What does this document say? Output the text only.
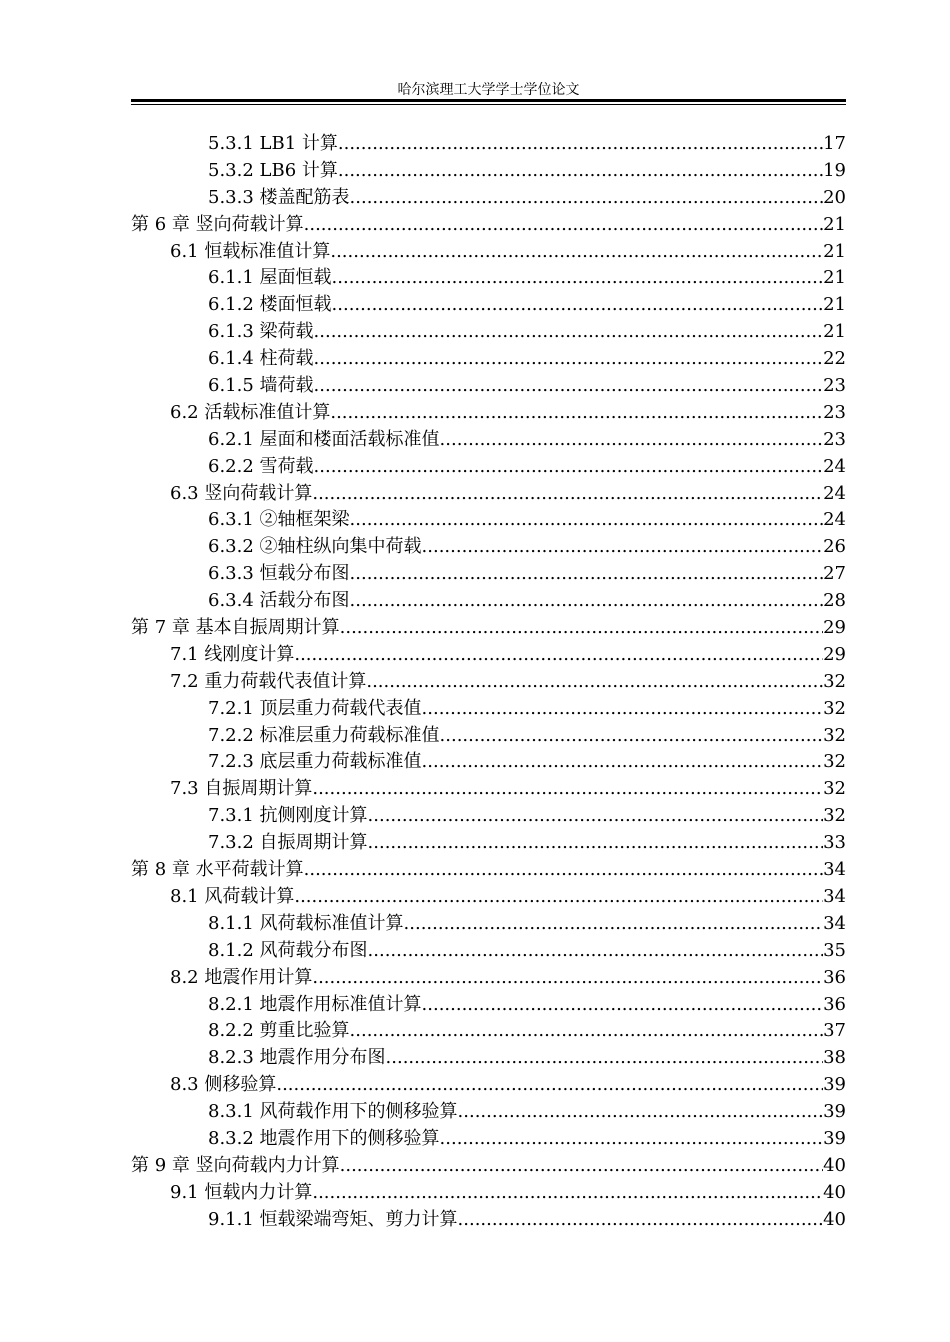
哈尔滨理工大学学士学位论文
5.3.1 LB1 计算 .....	17
5.3.2 LB6 计算 .....	19
5.3.3 楼盖配筋表 .....	20
第 6 章 竖向荷载计算 .....	21
6.1 恒载标准值计算 .....	21
6.1.1 屋面恒载 .....	21
6.1.2 楼面恒载 .....	21
6.1.3 梁荷载 .....	21
6.1.4 柱荷载 .....	22
6.1.5 墙荷载 .....	23
6.2 活载标准值计算 .....	23
6.2.1 屋面和楼面活载标准值 .....	23
6.2.2 雪荷载 .....	24
6.3 竖向荷载计算 .....	24
6.3.1 ②轴框架梁 .....	24
6.3.2 ②轴柱纵向集中荷载 .....	26
6.3.3 恒载分布图 .....	27
6.3.4 活载分布图 .....	28
第 7 章 基本自振周期计算 .....	29
7.1 线刚度计算 .....	29
7.2 重力荷载代表值计算 .....	32
7.2.1 顶层重力荷载代表值 .....	32
7.2.2 标准层重力荷载标准值 .....	32
7.2.3 底层重力荷载标准值 .....	32
7.3 自振周期计算 .....	32
7.3.1 抗侧刚度计算 .....	32
7.3.2 自振周期计算 .....	33
第 8 章 水平荷载计算 .....	34
8.1 风荷载计算 .....	34
8.1.1 风荷载标准值计算 .....	34
8.1.2 风荷载分布图 .....	35
8.2 地震作用计算 .....	36
8.2.1 地震作用标准值计算 .....	36
8.2.2 剪重比验算 .....	37
8.2.3 地震作用分布图 .....	38
8.3 侧移验算 .....	39
8.3.1 风荷载作用下的侧移验算 .....	39
8.3.2 地震作用下的侧移验算 .....	39
第 9 章 竖向荷载内力计算 .....	40
9.1 恒载内力计算 .....	40
9.1.1 恒载梁端弯矩、剪力计算 .....	40
